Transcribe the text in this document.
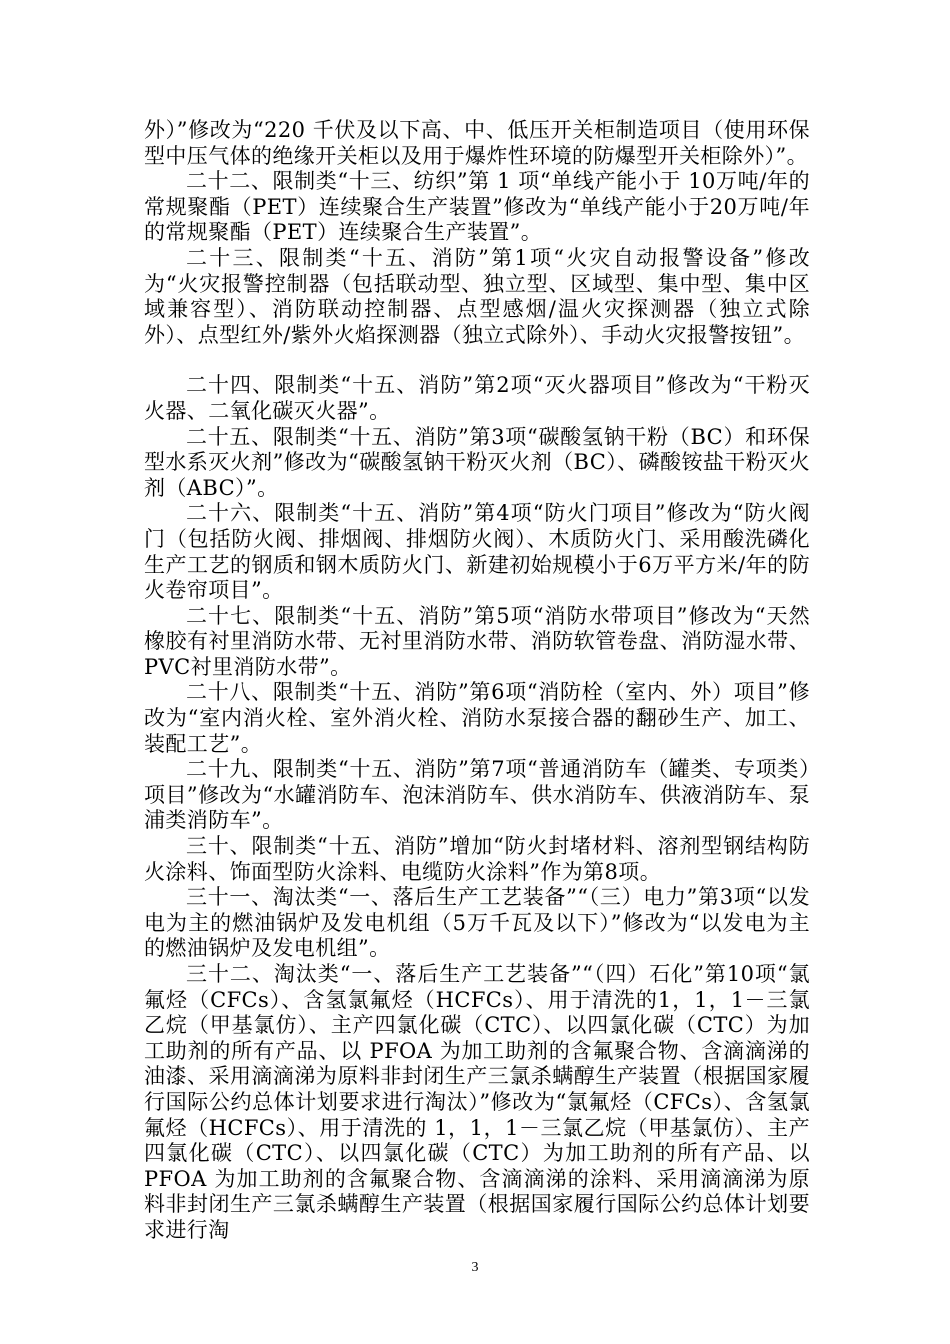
外）”修改为“220 千伏及以下高、中、低压开关柜制造项目（使用环保型中压气体的绝缘开关柜以及用于爆炸性环境的防爆型开关柜除外）”。

二十二、限制类“十三、纺织”第 1 项“单线产能小于 10万吨/年的常规聚酯（PET）连续聚合生产装置”修改为“单线产能小于20万吨/年的常规聚酯（PET）连续聚合生产装置”。

二十三、限制类“十五、消防”第1项“火灾自动报警设备”修改为“火灾报警控制器（包括联动型、独立型、区域型、集中型、集中区域兼容型）、消防联动控制器、点型感烟/温火灾探测器（独立式除外）、点型红外/紫外火焰探测器（独立式除外）、手动火灾报警按钮”。

二十四、限制类“十五、消防”第2项“灭火器项目”修改为“干粉灭火器、二氧化碳灭火器”。

二十五、限制类“十五、消防”第3项“碳酸氢钠干粉（BC）和环保型水系灭火剂”修改为“碳酸氢钠干粉灭火剂（BC）、磷酸铵盐干粉灭火剂（ABC）”。

二十六、限制类“十五、消防”第4项“防火门项目”修改为“防火阀门（包括防火阀、排烟阀、排烟防火阀）、木质防火门、采用酸洗磷化生产工艺的钢质和钢木质防火门、新建初始规模小于6万平方米/年的防火卷帘项目”。

二十七、限制类“十五、消防”第5项“消防水带项目”修改为“天然橡胶有衬里消防水带、无衬里消防水带、消防软管卷盘、消防湿水带、PVC衬里消防水带”。

二十八、限制类“十五、消防”第6项“消防栓（室内、外）项目”修改为“室内消火栓、室外消火栓、消防水泵接合器的翻砂生产、加工、装配工艺”。

二十九、限制类“十五、消防”第7项“普通消防车（罐类、专项类）项目”修改为“水罐消防车、泡沫消防车、供水消防车、供液消防车、泵浦类消防车”。

三十、限制类“十五、消防”增加“防火封堵材料、溶剂型钢结构防火涂料、饰面型防火涂料、电缆防火涂料”作为第8项。

三十一、淘汰类“一、落后生产工艺装备”“（三）电力”第3项“以发电为主的燃油锅炉及发电机组（5万千瓦及以下）”修改为“以发电为主的燃油锅炉及发电机组”。

三十二、淘汰类“一、落后生产工艺装备”“（四）石化”第10项“氯氟烃（CFCs）、含氢氯氟烃（HCFCs）、用于清洗的1，1，1－三氯乙烷（甲基氯仿）、主产四氯化碳（CTC）、以四氯化碳（CTC）为加工助剂的所有产品、以 PFOA 为加工助剂的含氟聚合物、含滴滴涕的油漆、采用滴滴涕为原料非封闭生产三氯杀螨醇生产装置（根据国家履行国际公约总体计划要求进行淘汰）”修改为“氯氟烃（CFCs）、含氢氯氟烃（HCFCs）、用于清洗的 1，1，1－三氯乙烷（甲基氯仿）、主产四氯化碳（CTC）、以四氯化碳（CTC）为加工助剂的所有产品、以 PFOA 为加工助剂的含氟聚合物、含滴滴涕的涂料、采用滴滴涕为原料非封闭生产三氯杀螨醇生产装置（根据国家履行国际公约总体计划要求进行淘

3
